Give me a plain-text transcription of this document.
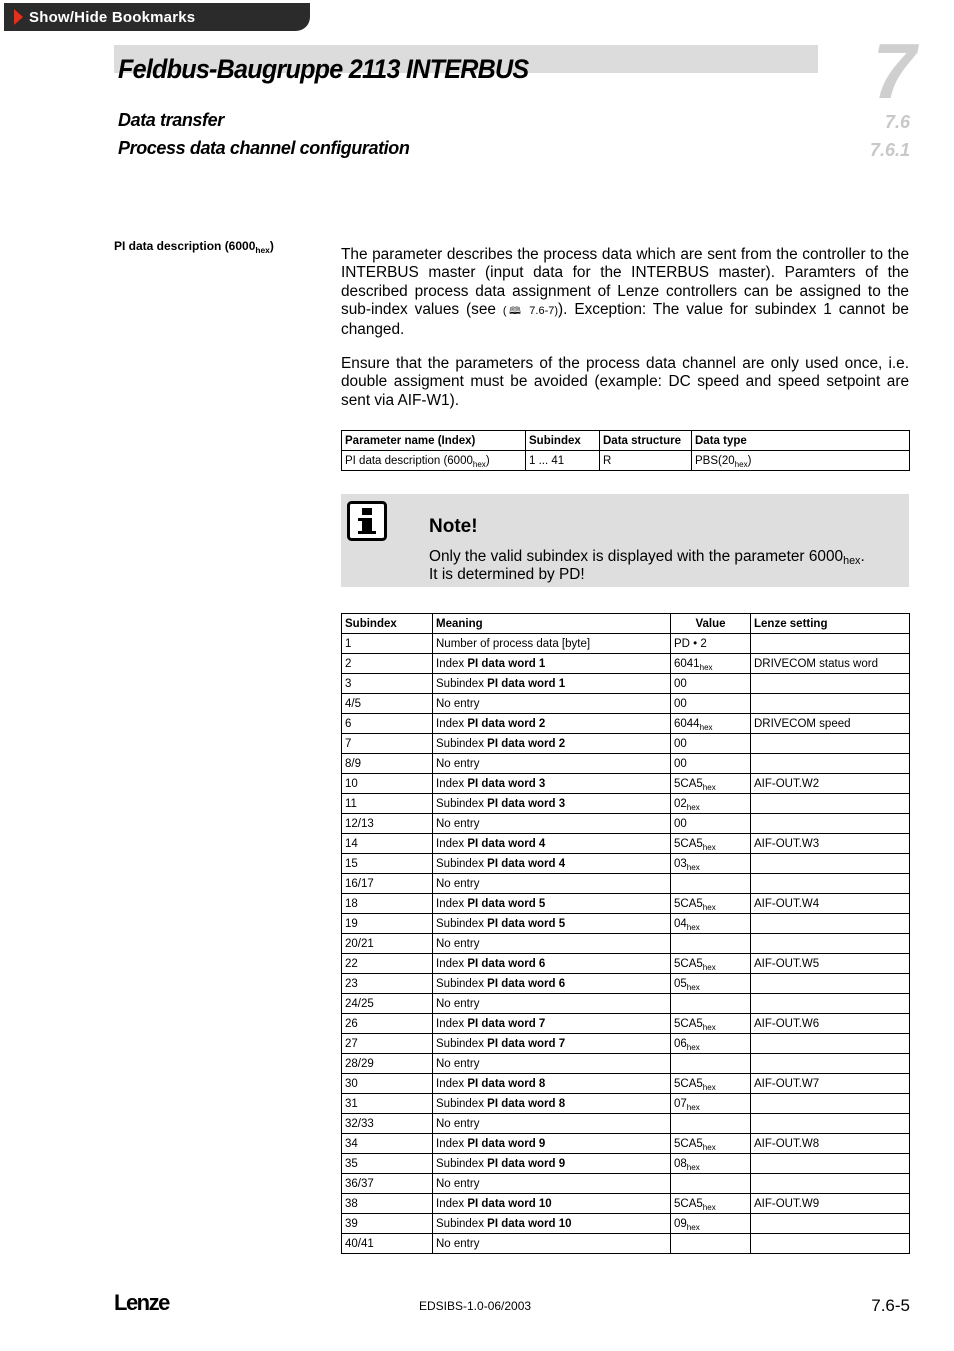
Show/Hide Bookmarks
Feldbus-Baugruppe 2113 INTERBUS	7
Data transfer	7.6
Process data channel configuration	7.6.1
PI data description $(6000_{hex})$	The parameter describes the process data which are sent from the controller to the INTERBUS master (input data for the INTERBUS master). Paramters of the described process data assignment of Lenze controllers can be assigned to the sub-index values (see (🕮 7.6-7)). Exception: The value for subindex 1 cannot be changed.
Ensure that the parameters of the process data channel are only used once, i.e. double assigment must be avoided (example: DC speed and speed setpoint are sent via AIF-W1).
Parameter name (Index)	Subindex	Data structure	Data type
PI data description $(6000_{hex})$	1 ... 41	R	$PBS(20_{hex})$
Note!
Only the valid subindex is displayed with the parameter $6000_{hex}$.
It is determined by PD!
Subindex	Meaning	Value	Lenze setting
1	Number of process data [byte]	PD • 2	
2	Index PI data word 1	$6041_{hex}$	DRIVECOM status word
3	Subindex PI data word 1	00	
4/5	No entry	00	
6	Index PI data word 2	$6044_{hex}$	DRIVECOM speed
7	Subindex PI data word 2	00	
8/9	No entry	00	
10	Index PI data word 3	$5CA5_{hex}$	AIF-OUT.W2
11	Subindex PI data word 3	$02_{hex}$	
12/13	No entry	00	
14	Index PI data word 4	$5CA5_{hex}$	AIF-OUT.W3
15	Subindex PI data word 4	$03_{hex}$	
16/17	No entry		
18	Index PI data word 5	$5CA5_{hex}$	AIF-OUT.W4
19	Subindex PI data word 5	$04_{hex}$	
20/21	No entry		
22	Index PI data word 6	$5CA5_{hex}$	AIF-OUT.W5
23	Subindex PI data word 6	$05_{hex}$	
24/25	No entry		
26	Index PI data word 7	$5CA5_{hex}$	AIF-OUT.W6
27	Subindex PI data word 7	$06_{hex}$	
28/29	No entry		
30	Index PI data word 8	$5CA5_{hex}$	AIF-OUT.W7
31	Subindex PI data word 8	$07_{hex}$	
32/33	No entry		
34	Index PI data word 9	$5CA5_{hex}$	AIF-OUT.W8
35	Subindex PI data word 9	$08_{hex}$	
36/37	No entry		
38	Index PI data word 10	$5CA5_{hex}$	AIF-OUT.W9
39	Subindex PI data word 10	$09_{hex}$	
40/41	No entry		
Lenze	EDSIBS-1.0-06/2003	7.6-5
